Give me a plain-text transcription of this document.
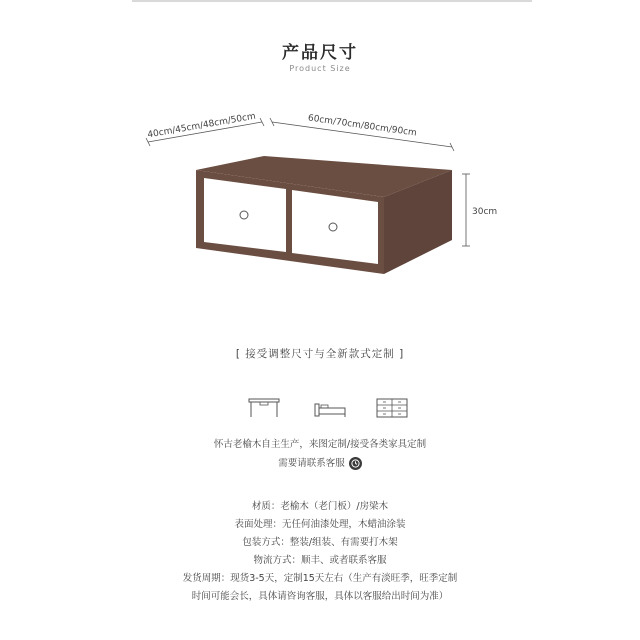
产品尺寸
Product Size
40cm/45cm/48cm/50cm	60cm/70cm/80cm/90cm
30cm
[ 接受调整尺寸与全新款式定制 ]
怀古老榆木自主生产，来图定制/接受各类家具定制
需要请联系客服
材质：老榆木（老门板）/房梁木
表面处理：无任何油漆处理，木蜡油涂装
包装方式：整装/组装、有需要打木架
物流方式：顺丰、或者联系客服
发货周期：现货3-5天，定制15天左右（生产有淡旺季，旺季定制
时间可能会长，具体请咨询客服，具体以客服给出时间为准）
